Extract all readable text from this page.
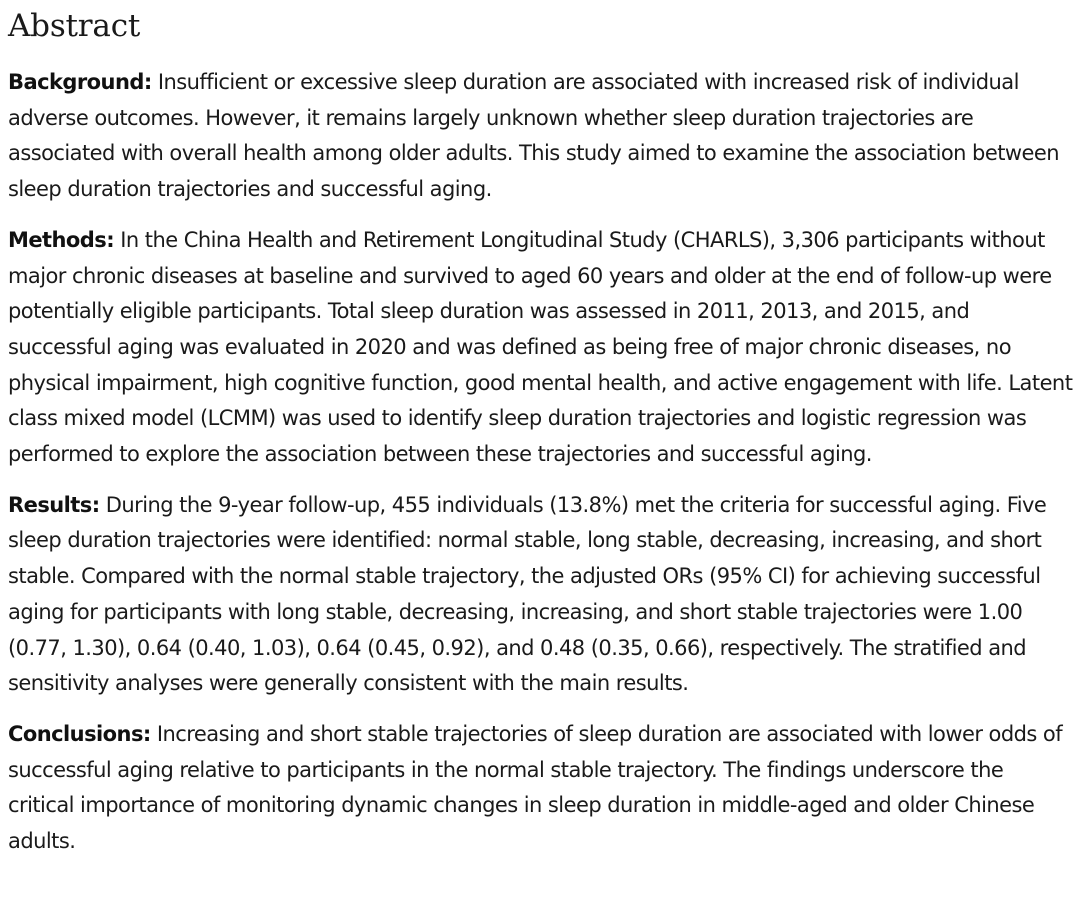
Abstract

Background: Insufficient or excessive sleep duration are associated with increased risk of individual adverse outcomes. However, it remains largely unknown whether sleep duration trajectories are associated with overall health among older adults. This study aimed to examine the association between sleep duration trajectories and successful aging.

Methods: In the China Health and Retirement Longitudinal Study (CHARLS), 3,306 participants without major chronic diseases at baseline and survived to aged 60 years and older at the end of follow-up were potentially eligible participants. Total sleep duration was assessed in 2011, 2013, and 2015, and successful aging was evaluated in 2020 and was defined as being free of major chronic diseases, no physical impairment, high cognitive function, good mental health, and active engagement with life. Latent class mixed model (LCMM) was used to identify sleep duration trajectories and logistic regression was performed to explore the association between these trajectories and successful aging.

Results: During the 9-year follow-up, 455 individuals (13.8%) met the criteria for successful aging. Five sleep duration trajectories were identified: normal stable, long stable, decreasing, increasing, and short stable. Compared with the normal stable trajectory, the adjusted ORs (95% CI) for achieving successful aging for participants with long stable, decreasing, increasing, and short stable trajectories were 1.00 (0.77, 1.30), 0.64 (0.40, 1.03), 0.64 (0.45, 0.92), and 0.48 (0.35, 0.66), respectively. The stratified and sensitivity analyses were generally consistent with the main results.

Conclusions: Increasing and short stable trajectories of sleep duration are associated with lower odds of successful aging relative to participants in the normal stable trajectory. The findings underscore the critical importance of monitoring dynamic changes in sleep duration in middle-aged and older Chinese adults.
